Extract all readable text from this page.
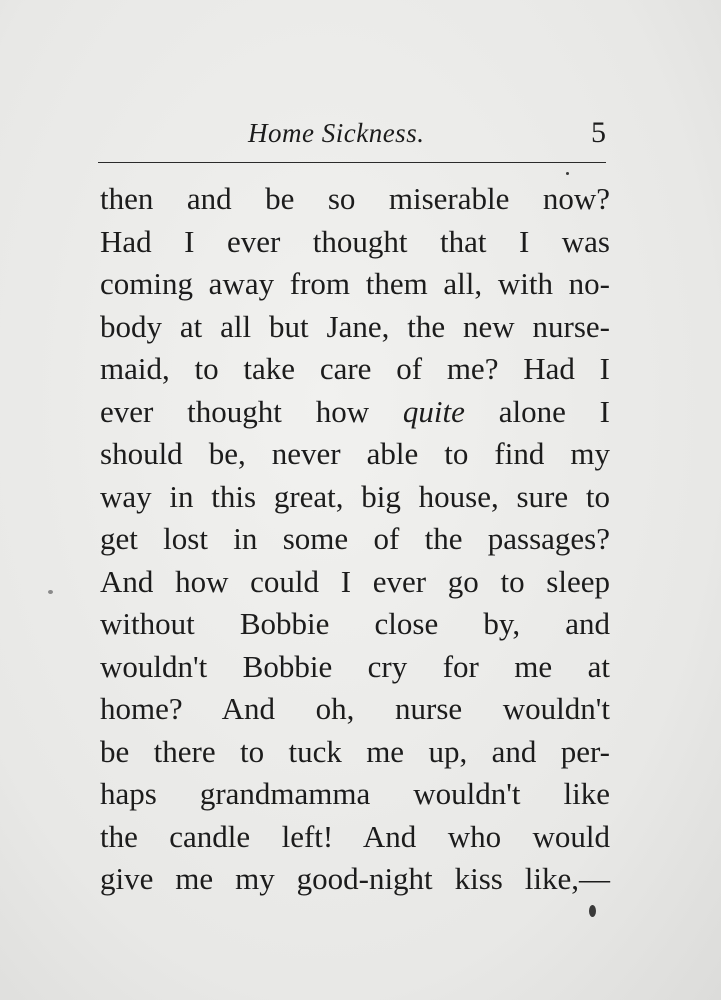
Home Sickness.	5
then and be so miserable now?
Had I ever thought that I was
coming away from them all, with no-
body at all but Jane, the new nurse-
maid, to take care of me? Had I
ever thought how quite alone I
should be, never able to find my
way in this great, big house, sure to
get lost in some of the passages?
And how could I ever go to sleep
without Bobbie close by, and
wouldn't Bobbie cry for me at
home? And oh, nurse wouldn't
be there to tuck me up, and per-
haps grandmamma wouldn't like
the candle left! And who would
give me my good-night kiss like,—
